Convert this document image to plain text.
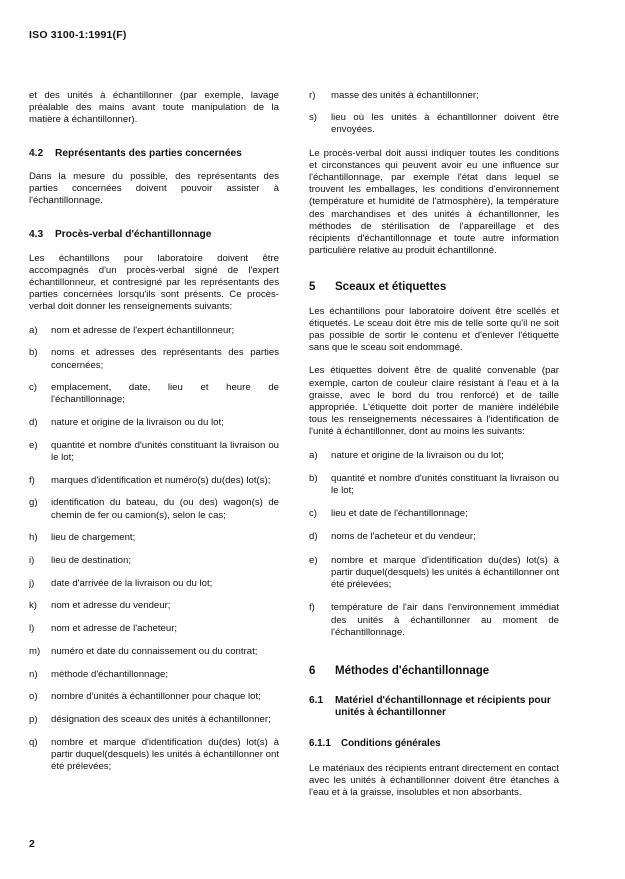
ISO 3100-1:1991(F)

et des unités à échantillonner (par exemple, lavage préalable des mains avant toute manipulation de la matière à échantillonner).

4.2 Représentants des parties concernées

Dans la mesure du possible, des représentants des parties concernées doivent pouvoir assister à l'échantillonnage.

4.3 Procès-verbal d'échantillonnage

Les échantillons pour laboratoire doivent être accompagnés d'un procès-verbal signé de l'expert échantillonneur, et contresigné par les représentants des parties concernées lorsqu'ils sont présents. Ce procès-verbal doit donner les renseignements suivants:

a)	nom et adresse de l'expert échantillonneur;
b)	noms et adresses des représentants des parties concernées;
c)	emplacement, date, lieu et heure de l'échantillonnage;
d)	nature et origine de la livraison ou du lot;
e)	quantité et nombre d'unités constituant la livraison ou le lot;
f)	marques d'identification et numéro(s) du(des) lot(s);
g)	identification du bateau, du (ou des) wagon(s) de chemin de fer ou camion(s), selon le cas;
h)	lieu de chargement;
i)	lieu de destination;
j)	date d'arrivée de la livraison ou du lot;
k)	nom et adresse du vendeur;
l)	nom et adresse de l'acheteur;
m)	numéro et date du connaissement ou du contrat;
n)	méthode d'échantillonnage;
o)	nombre d'unités à échantillonner pour chaque lot;
p)	désignation des sceaux des unités à échantillonner;
q)	nombre et marque d'identification du(des) lot(s) à partir duquel(desquels) les unités à échantillonner ont été prélevées;
r)	masse des unités à échantillonner;
s)	lieu où les unités à échantillonner doivent être envoyées.

Le procès-verbal doit aussi indiquer toutes les conditions et circonstances qui peuvent avoir eu une influence sur l'échantillonnage, par exemple l'état dans lequel se trouvent les emballages, les conditions d'environnement (température et humidité de l'atmosphère), la température des marchandises et des unités à échantillonner, les méthodes de stérilisation de l'appareillage et des récipients d'échantillonnage et toute autre information particulière relative au produit échantillonné.

5 Sceaux et étiquettes

Les échantillons pour laboratoire doivent être scellés et étiquetés. Le sceau doit être mis de telle sorte qu'il ne soit pas possible de sortir le contenu et d'enlever l'étiquette sans que le sceau soit endommagé.

Les étiquettes doivent être de qualité convenable (par exemple, carton de couleur claire résistant à l'eau et à la graisse, avec le bord du trou renforcé) et de taille appropriée. L'étiquette doit porter de manière indélébile tous les renseignements nécessaires à l'identification de l'unité à échantillonner, dont au moins les suivants:

a)	nature et origine de la livraison ou du lot;
b)	quantité et nombre d'unités constituant la livraison ou le lot;
c)	lieu et date de l'échantillonnage;
d)	noms de l'acheteur et du vendeur;
e)	nombre et marque d'identification du(des) lot(s) à partir duquel(desquels) les unités à échantillonner ont été prélevées;
f)	température de l'air dans l'environnement immédiat des unités à échantillonner au moment de l'échantillonnage.
6 Méthodes d'échantillonnage
6.1	Matériel d'échantillonnage et récipients pour unités à échantillonner
6.1.1 Conditions générales

Le matériaux des récipients entrant directement en contact avec les unités à échantillonner doivent être étanches à l'eau et à la graisse, insolubles et non absorbants.

2
